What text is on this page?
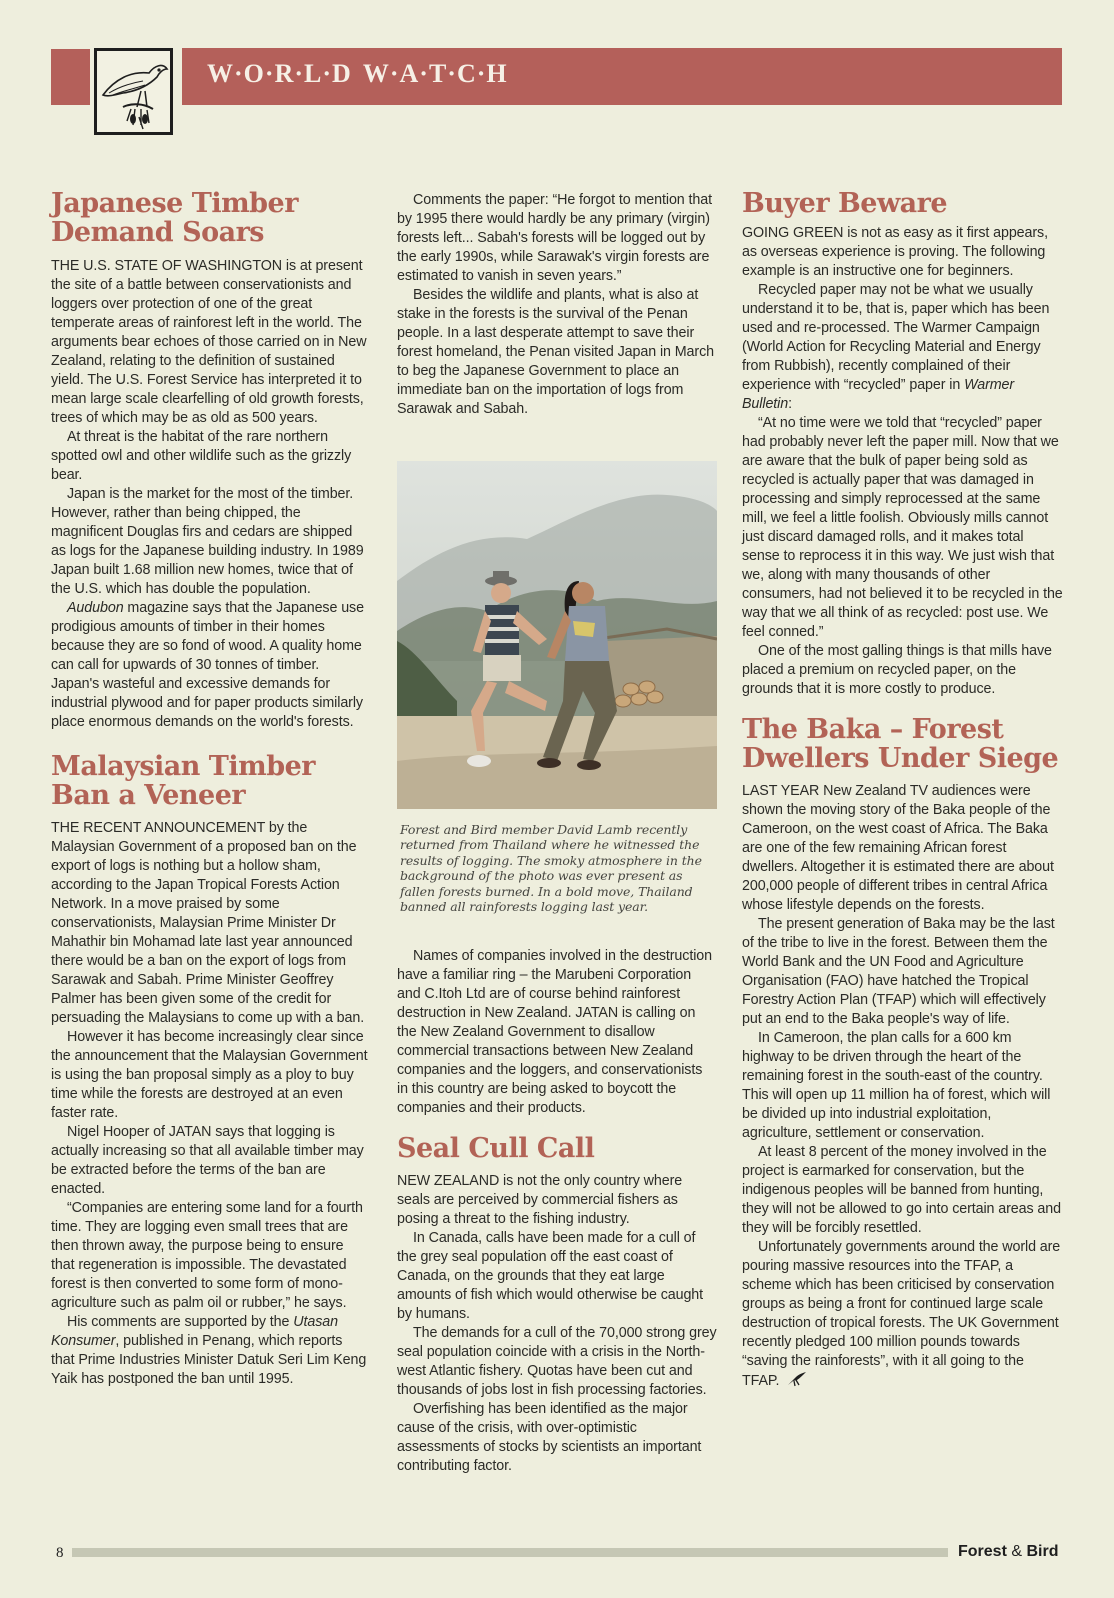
W·O·R·L·D W·A·T·C·H
Japanese Timber Demand Soars

THE U.S. STATE OF WASHINGTON is at present the site of a battle between conservationists and loggers over protection of one of the great temperate areas of rainforest left in the world. The arguments bear echoes of those carried on in New Zealand, relating to the definition of sustained yield. The U.S. Forest Service has interpreted it to mean large scale clearfelling of old growth forests, trees of which may be as old as 500 years.

At threat is the habitat of the rare northern spotted owl and other wildlife such as the grizzly bear.

Japan is the market for the most of the timber. However, rather than being chipped, the magnificent Douglas firs and cedars are shipped as logs for the Japanese building industry. In 1989 Japan built 1.68 million new homes, twice that of the U.S. which has double the population.

Audubon magazine says that the Japanese use prodigious amounts of timber in their homes because they are so fond of wood. A quality home can call for upwards of 30 tonnes of timber. Japan's wasteful and excessive demands for industrial plywood and for paper products similarly place enormous demands on the world's forests.

Malaysian Timber Ban a Veneer

THE RECENT ANNOUNCEMENT by the Malaysian Government of a proposed ban on the export of logs is nothing but a hollow sham, according to the Japan Tropical Forests Action Network. In a move praised by some conservationists, Malaysian Prime Minister Dr Mahathir bin Mohamad late last year announced there would be a ban on the export of logs from Sarawak and Sabah. Prime Minister Geoffrey Palmer has been given some of the credit for persuading the Malaysians to come up with a ban.

However it has become increasingly clear since the announcement that the Malaysian Government is using the ban proposal simply as a ploy to buy time while the forests are destroyed at an even faster rate.

Nigel Hooper of JATAN says that logging is actually increasing so that all available timber may be extracted before the terms of the ban are enacted.

“Companies are entering some land for a fourth time. They are logging even small trees that are then thrown away, the purpose being to ensure that regeneration is impossible. The devastated forest is then converted to some form of mono-agriculture such as palm oil or rubber,” he says.

His comments are supported by the Utasan Konsumer, published in Penang, which reports that Prime Industries Minister Datuk Seri Lim Keng Yaik has postponed the ban until 1995.

Comments the paper: “He forgot to mention that by 1995 there would hardly be any primary (virgin) forests left... Sabah's forests will be logged out by the early 1990s, while Sarawak's virgin forests are estimated to vanish in seven years.”

Besides the wildlife and plants, what is also at stake in the forests is the survival of the Penan people. In a last desperate attempt to save their forest homeland, the Penan visited Japan in March to beg the Japanese Government to place an immediate ban on the importation of logs from Sarawak and Sabah.

Forest and Bird member David Lamb recently returned from Thailand where he witnessed the results of logging. The smoky atmosphere in the background of the photo was ever present as fallen forests burned. In a bold move, Thailand banned all rainforests logging last year.

Names of companies involved in the destruction have a familiar ring – the Marubeni Corporation and C.Itoh Ltd are of course behind rainforest destruction in New Zealand. JATAN is calling on the New Zealand Government to disallow commercial transactions between New Zealand companies and the loggers, and conservationists in this country are being asked to boycott the companies and their products.

Seal Cull Call

NEW ZEALAND is not the only country where seals are perceived by commercial fishers as posing a threat to the fishing industry.

In Canada, calls have been made for a cull of the grey seal population off the east coast of Canada, on the grounds that they eat large amounts of fish which would otherwise be caught by humans.

The demands for a cull of the 70,000 strong grey seal population coincide with a crisis in the North-west Atlantic fishery. Quotas have been cut and thousands of jobs lost in fish processing factories.

Overfishing has been identified as the major cause of the crisis, with over-optimistic assessments of stocks by scientists an important contributing factor.

Buyer Beware

GOING GREEN is not as easy as it first appears, as overseas experience is proving. The following example is an instructive one for beginners.

Recycled paper may not be what we usually understand it to be, that is, paper which has been used and re-processed. The Warmer Campaign (World Action for Recycling Material and Energy from Rubbish), recently complained of their experience with “recycled” paper in Warmer Bulletin:

“At no time were we told that “recycled” paper had probably never left the paper mill. Now that we are aware that the bulk of paper being sold as recycled is actually paper that was damaged in processing and simply reprocessed at the same mill, we feel a little foolish. Obviously mills cannot just discard damaged rolls, and it makes total sense to reprocess it in this way. We just wish that we, along with many thousands of other consumers, had not believed it to be recycled in the way that we all think of as recycled: post use. We feel conned.”

One of the most galling things is that mills have placed a premium on recycled paper, on the grounds that it is more costly to produce.

The Baka – Forest Dwellers Under Siege

LAST YEAR New Zealand TV audiences were shown the moving story of the Baka people of the Cameroon, on the west coast of Africa. The Baka are one of the few remaining African forest dwellers. Altogether it is estimated there are about 200,000 people of different tribes in central Africa whose lifestyle depends on the forests.

The present generation of Baka may be the last of the tribe to live in the forest. Between them the World Bank and the UN Food and Agriculture Organisation (FAO) have hatched the Tropical Forestry Action Plan (TFAP) which will effectively put an end to the Baka people's way of life.

In Cameroon, the plan calls for a 600 km highway to be driven through the heart of the remaining forest in the south-east of the country. This will open up 11 million ha of forest, which will be divided up into industrial exploitation, agriculture, settlement or conservation.

At least 8 percent of the money involved in the project is earmarked for conservation, but the indigenous peoples will be banned from hunting, they will not be allowed to go into certain areas and they will be forcibly resettled.

Unfortunately governments around the world are pouring massive resources into the TFAP, a scheme which has been criticised by conservation groups as being a front for continued large scale destruction of tropical forests. The UK Government recently pledged 100 million pounds towards “saving the rainforests”, with it all going to the TFAP.

8	Forest & Bird
